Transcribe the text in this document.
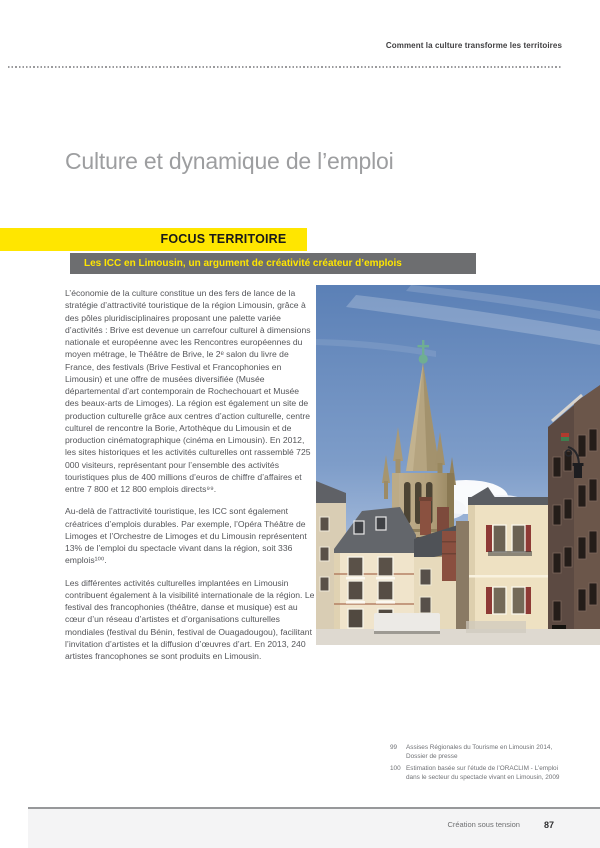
Comment la culture transforme les territoires
Culture et dynamique de l’emploi
FOCUS TERRITOIRE
Les ICC en Limousin, un argument de créativité créateur d’emplois

L’économie de la culture constitue un des fers de lance de la stratégie d’attractivité touristique de la région Limousin, grâce à des pôles pluridisciplinaires proposant une palette variée d’activités : Brive est devenue un carrefour culturel à dimensions nationale et européenne avec les Rencontres européennes du moyen métrage, le Théâtre de Brive, le 2ᵉ salon du livre de France, des festivals (Brive Festival et Francophonies en Limousin) et une offre de musées diversifiée (Musée départemental d’art contemporain de Rochechouart et Musée des beaux-arts de Limoges). La région est également un site de production culturelle grâce aux centres d’action culturelle, centre culturel de rencontre la Borie, Artothèque du Limousin et de production cinématographique (cinéma en Limousin). En 2012, les sites historiques et les activités culturelles ont rassemblé 725 000 visiteurs, représentant pour l’ensemble des activités touristiques plus de 400 millions d’euros de chiffre d’affaires et entre 7 800 et 12 800 emplois directs⁹⁹.

Au-delà de l’attractivité touristique, les ICC sont également créatrices d’emplois durables. Par exemple, l’Opéra Théâtre de Limoges et l’Orchestre de Limoges et du Limousin représentent 13% de l’emploi du spectacle vivant dans la région, soit 336 emplois¹⁰⁰.

Les différentes activités culturelles implantées en Limousin contribuent également à la visibilité internationale de la région. Le festival des francophonies (théâtre, danse et musique) est au cœur d’un réseau d’artistes et d’organisations culturelles mondiales (festival du Bénin, festival de Ouagadougou), facilitant l’invitation d’artistes et la diffusion d’œuvres d’art. En 2013, 240 artistes francophones se sont produits en Limousin.

99	Assises Régionales du Tourisme en Limousin 2014, Dossier de presse
100 Estimation basée sur l’étude de l’ORACLIM - L’emploi dans le secteur du spectacle vivant en Limousin, 2009
Création sous tension	87
